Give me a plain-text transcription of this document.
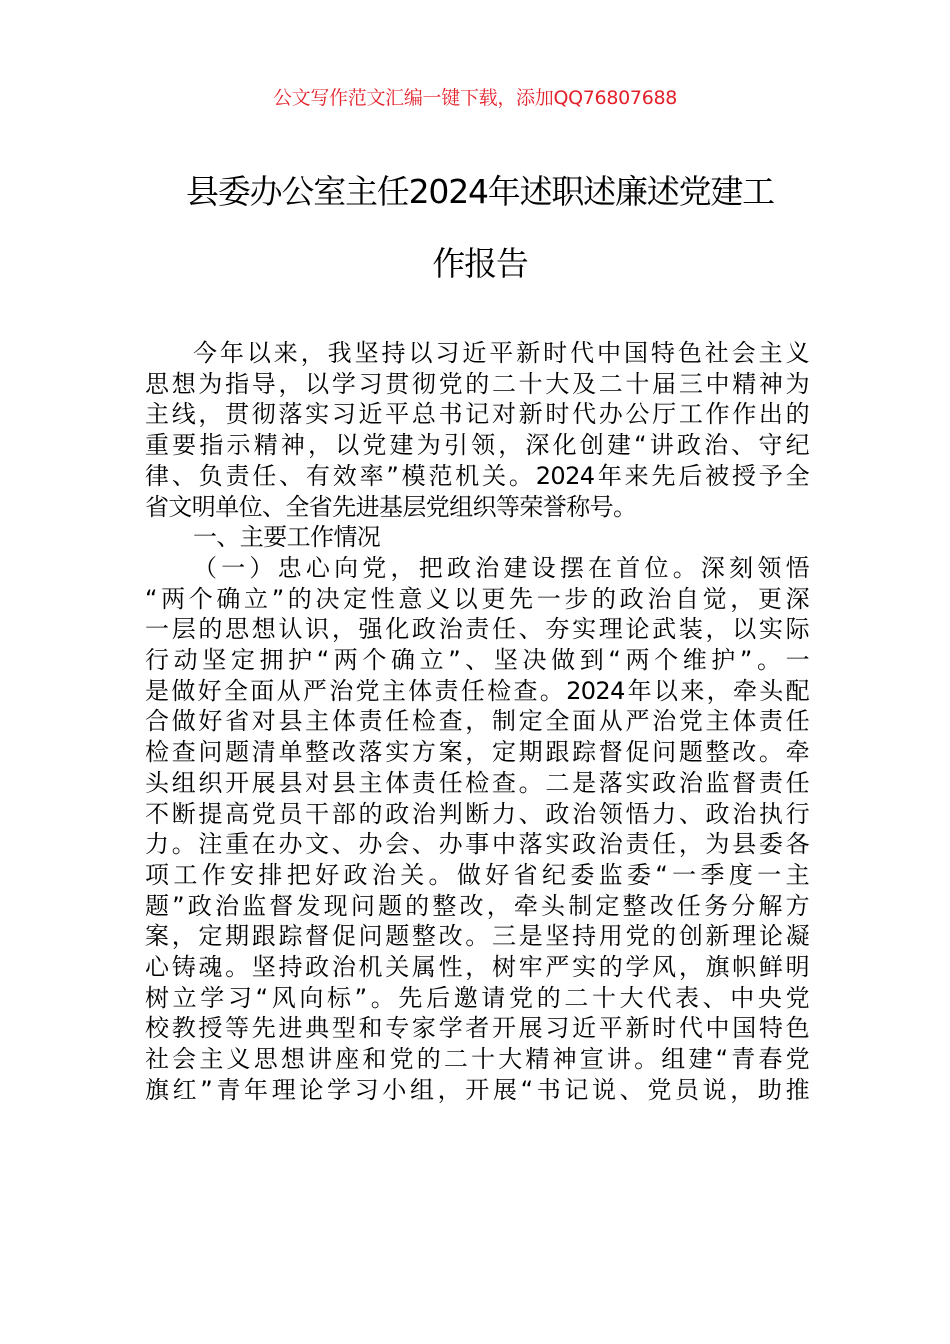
公文写作范文汇编一键下载，添加QQ76807688
县委办公室主任2024年述职述廉述党建工
作报告

今年以来，我坚持以习近平新时代中国特色社会主义
思想为指导，以学习贯彻党的二十大及二十届三中精神为
主线，贯彻落实习近平总书记对新时代办公厅工作作出的
重要指示精神，以党建为引领，深化创建“讲政治、守纪
律、负责任、有效率”模范机关。2024年来先后被授予全
省文明单位、全省先进基层党组织等荣誉称号。

一、主要工作情况

（一）忠心向党，把政治建设摆在首位。深刻领悟
“两个确立”的决定性意义以更先一步的政治自觉，更深
一层的思想认识，强化政治责任、夯实理论武装，以实际
行动坚定拥护“两个确立”、坚决做到“两个维护”。一
是做好全面从严治党主体责任检查。2024年以来，牵头配
合做好省对县主体责任检查，制定全面从严治党主体责任
检查问题清单整改落实方案，定期跟踪督促问题整改。牵
头组织开展县对县主体责任检查。二是落实政治监督责任
不断提高党员干部的政治判断力、政治领悟力、政治执行
力。注重在办文、办会、办事中落实政治责任，为县委各
项工作安排把好政治关。做好省纪委监委“一季度一主
题”政治监督发现问题的整改，牵头制定整改任务分解方
案，定期跟踪督促问题整改。三是坚持用党的创新理论凝
心铸魂。坚持政治机关属性，树牢严实的学风，旗帜鲜明
树立学习“风向标”。先后邀请党的二十大代表、中央党
校教授等先进典型和专家学者开展习近平新时代中国特色
社会主义思想讲座和党的二十大精神宣讲。组建“青春党
旗红”青年理论学习小组，开展“书记说、党员说，助推
